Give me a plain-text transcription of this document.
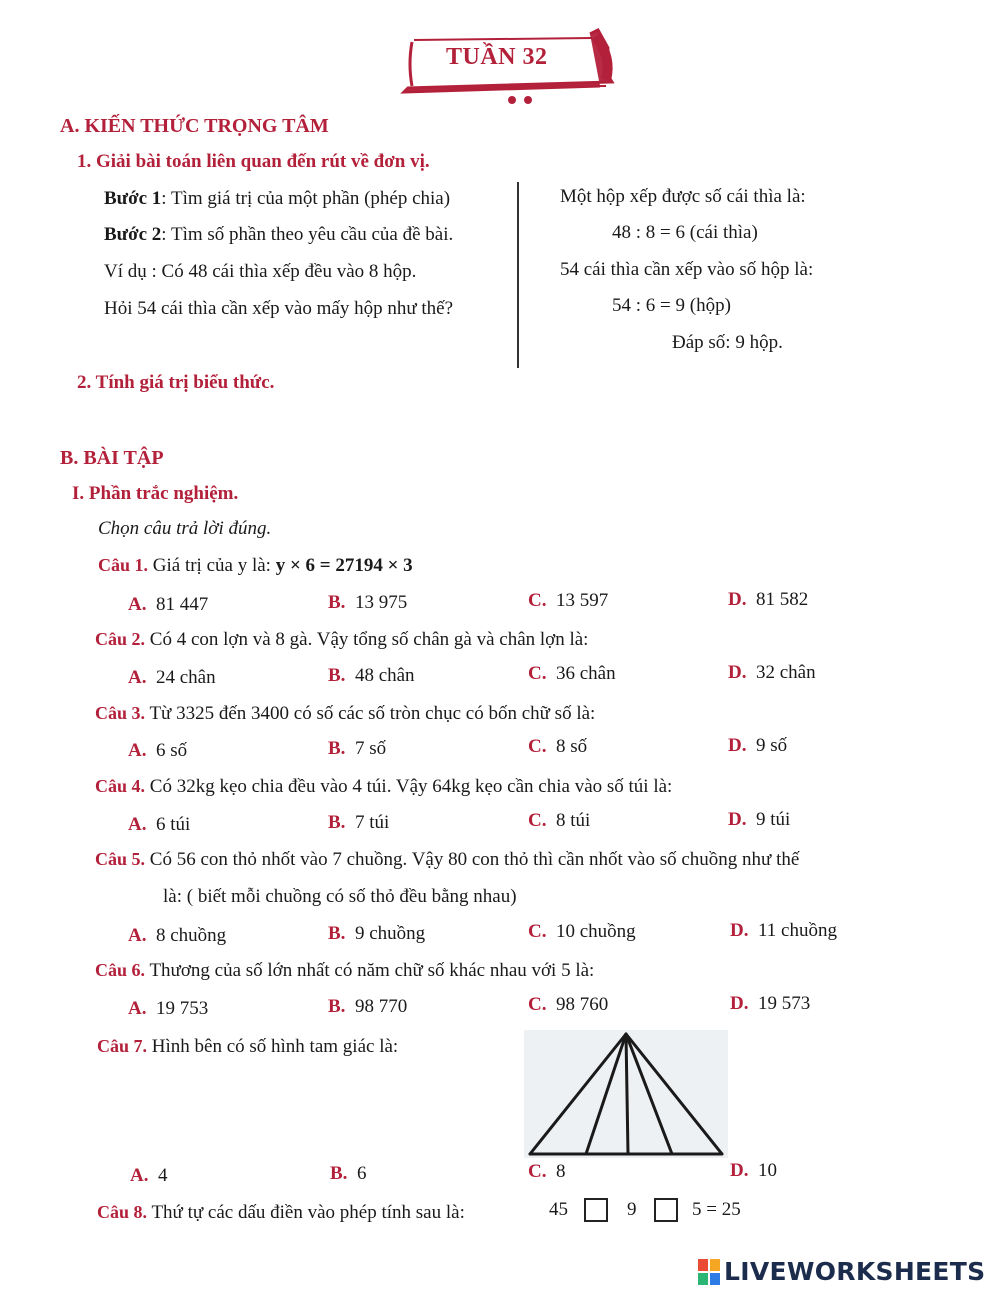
TUẦN 32
A. KIẾN THỨC TRỌNG TÂM
1. Giải bài toán liên quan đến rút về đơn vị.
Bước 1: Tìm giá trị của một phần (phép chia)
Bước 2: Tìm số phần theo yêu cầu của đề bài.
Ví dụ : Có 48 cái thìa xếp đều vào 8 hộp.
Hỏi 54 cái thìa cần xếp vào mấy hộp như thế?
Một hộp xếp được số cái thìa là:
48 : 8 = 6 (cái thìa)
54 cái thìa cần xếp vào số hộp là:
54 : 6 = 9 (hộp)
Đáp số: 9 hộp.
2. Tính giá trị biểu thức.
B. BÀI TẬP
I. Phần trắc nghiệm.
Chọn câu trả lời đúng.
Câu 1. Giá trị của y là: y × 6 = 27194 × 3
A. 81 447	B. 13 975	C. 13 597	D. 81 582
Câu 2. Có 4 con lợn và 8 gà. Vậy tổng số chân gà và chân lợn là:
A. 24 chân	B. 48 chân	C. 36 chân	D. 32 chân
Câu 3. Từ 3325 đến 3400 có số các số tròn chục có bốn chữ số là:
A. 6 số	B. 7 số	C. 8 số	D. 9 số
Câu 4. Có 32kg kẹo chia đều vào 4 túi. Vậy 64kg kẹo cần chia vào số túi là:
A. 6 túi	B. 7 túi	C. 8 túi	D. 9 túi
Câu 5. Có 56 con thỏ nhốt vào 7 chuồng. Vậy 80 con thỏ thì cần nhốt vào số chuồng như thế
là: ( biết mỗi chuồng có số thỏ đều bằng nhau)
A. 8 chuồng	B. 9 chuồng	C. 10 chuồng	D. 11 chuồng
Câu 6. Thương của số lớn nhất có năm chữ số khác nhau với 5 là:
A. 19 753	B. 98 770	C. 98 760	D. 19 573
Câu 7. Hình bên có số hình tam giác là:
A. 4	B. 6	C. 8	D. 10
Câu 8. Thứ tự các dấu điền vào phép tính sau là:	45	9	5 = 25
LIVEWORKSHEETS
